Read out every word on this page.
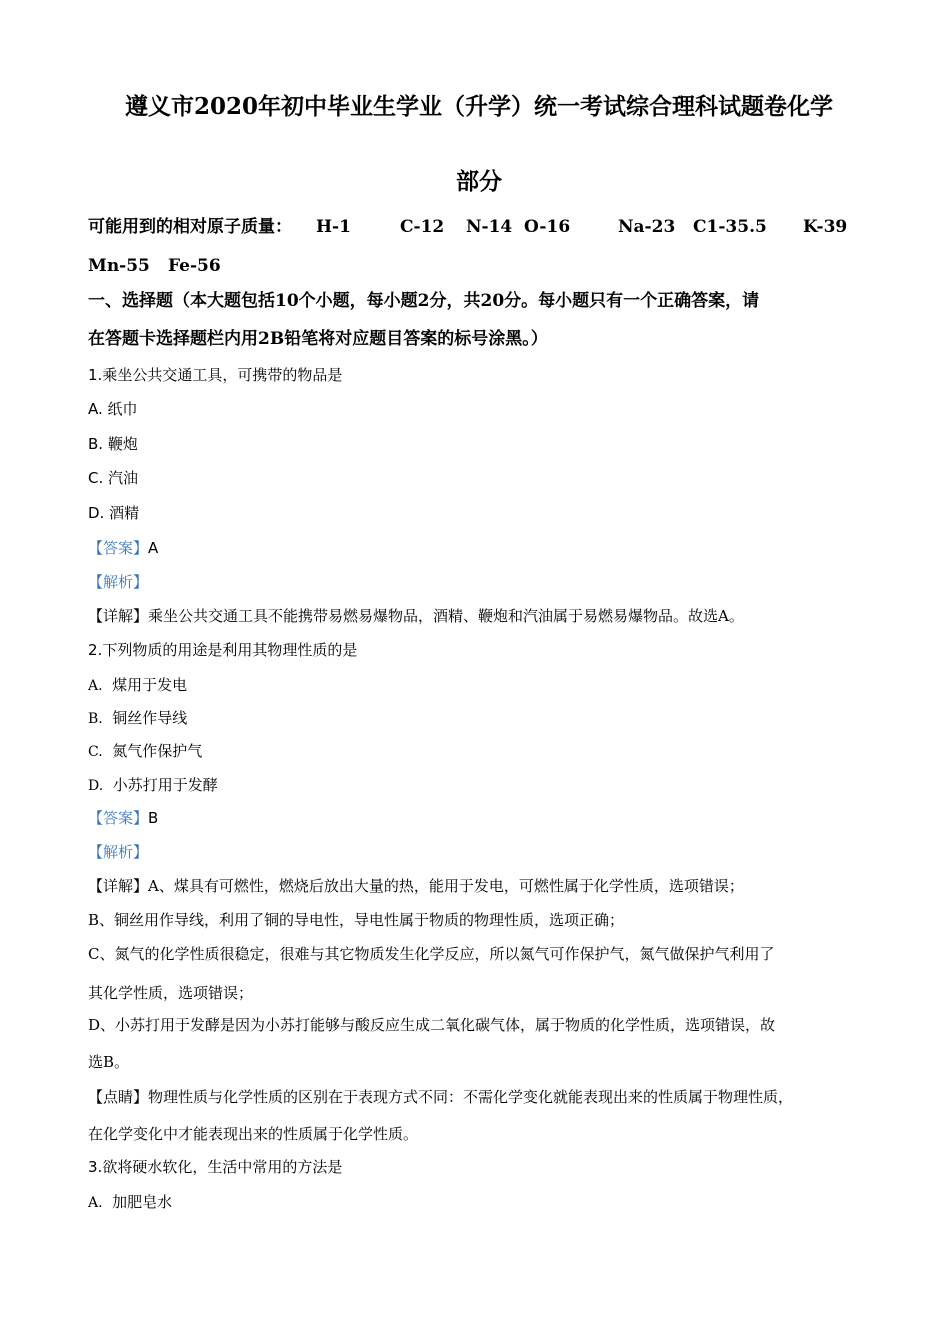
遵义市2020年初中毕业生学业（升学）统一考试综合理科试题卷化学
部分
可能用到的相对原子质量： H-1	C-12 N-14 O-16	Na-23 C1-35.5 K-39
Mn-55 Fe-56
一、选择题（本大题包括10个小题，每小题2分，共20分。每小题只有一个正确答案，请
在答题卡选择题栏内用2B铅笔将对应题目答案的标号涂黑。）
1.乘坐公共交通工具，可携带的物品是
A. 纸巾
B. 鞭炮
C. 汽油
D. 酒精
【答案】A
【解析】
【详解】乘坐公共交通工具不能携带易燃易爆物品，酒精、鞭炮和汽油属于易燃易爆物品。故选A。
2.下列物质的用途是利用其物理性质的是
A. 煤用于发电
B. 铜丝作导线
C. 氮气作保护气
D. 小苏打用于发酵
【答案】B
【解析】
【详解】A、煤具有可燃性，燃烧后放出大量的热，能用于发电，可燃性属于化学性质，选项错误；
B、铜丝用作导线，利用了铜的导电性，导电性属于物质的物理性质，选项正确；
C、氮气的化学性质很稳定，很难与其它物质发生化学反应，所以氮气可作保护气，氮气做保护气利用了
其化学性质，选项错误；
D、小苏打用于发酵是因为小苏打能够与酸反应生成二氧化碳气体，属于物质的化学性质，选项错误，故
选B。
【点睛】物理性质与化学性质的区别在于表现方式不同：不需化学变化就能表现出来的性质属于物理性质，
在化学变化中才能表现出来的性质属于化学性质。
3.欲将硬水软化，生活中常用的方法是
A. 加肥皂水
